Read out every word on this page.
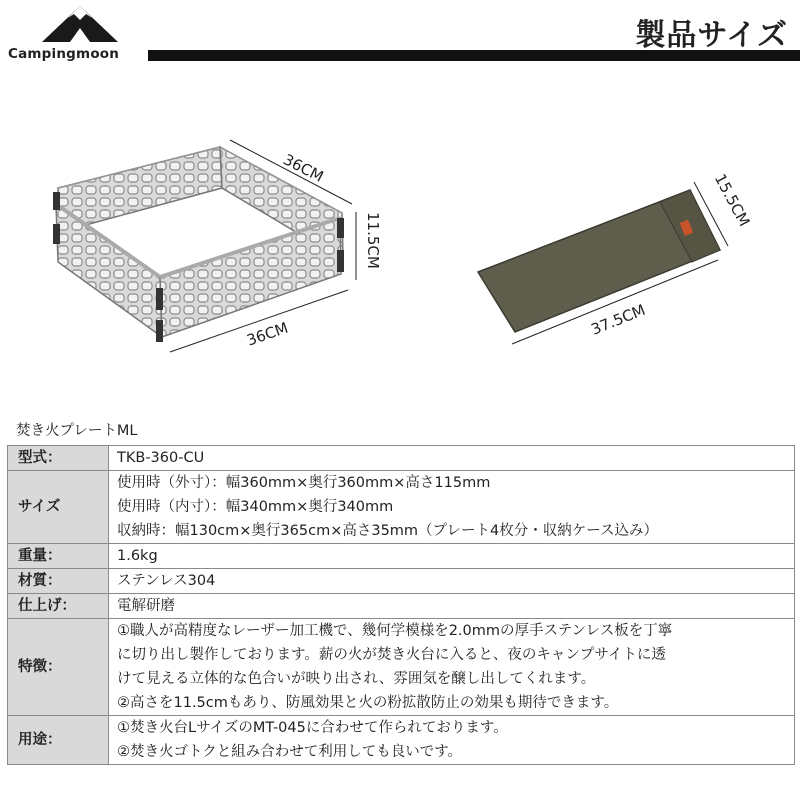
Campingmoon
製品サイズ
36CM
36CM
11.5CM
37.5CM
15.5CM
焚き火プレートML
型式：	TKB-360-CU

サイズ	使用時（外寸）：幅360mm×奥行360mm×高さ115mm
使用時（内寸）：幅340mm×奥行340mm
収納時：幅130cm×奥行365cm×高さ35mm（プレート4枚分・収納ケース込み）

重量：	1.6kg

材質：	ステンレス304

仕上げ：	電解研磨

特徴：	①職人が高精度なレーザー加工機で、幾何学模様を2.0mmの厚手ステンレス板を丁寧
に切り出し製作しております。薪の火が焚き火台に入ると、夜のキャンプサイトに透
けて見える立体的な色合いが映り出され、雰囲気を醸し出してくれます。
②高さを11.5cmもあり、防風効果と火の粉拡散防止の効果も期待できます。

用途：	①焚き火台LサイズのMT-045に合わせて作られております。
②焚き火ゴトクと組み合わせて利用しても良いです。
